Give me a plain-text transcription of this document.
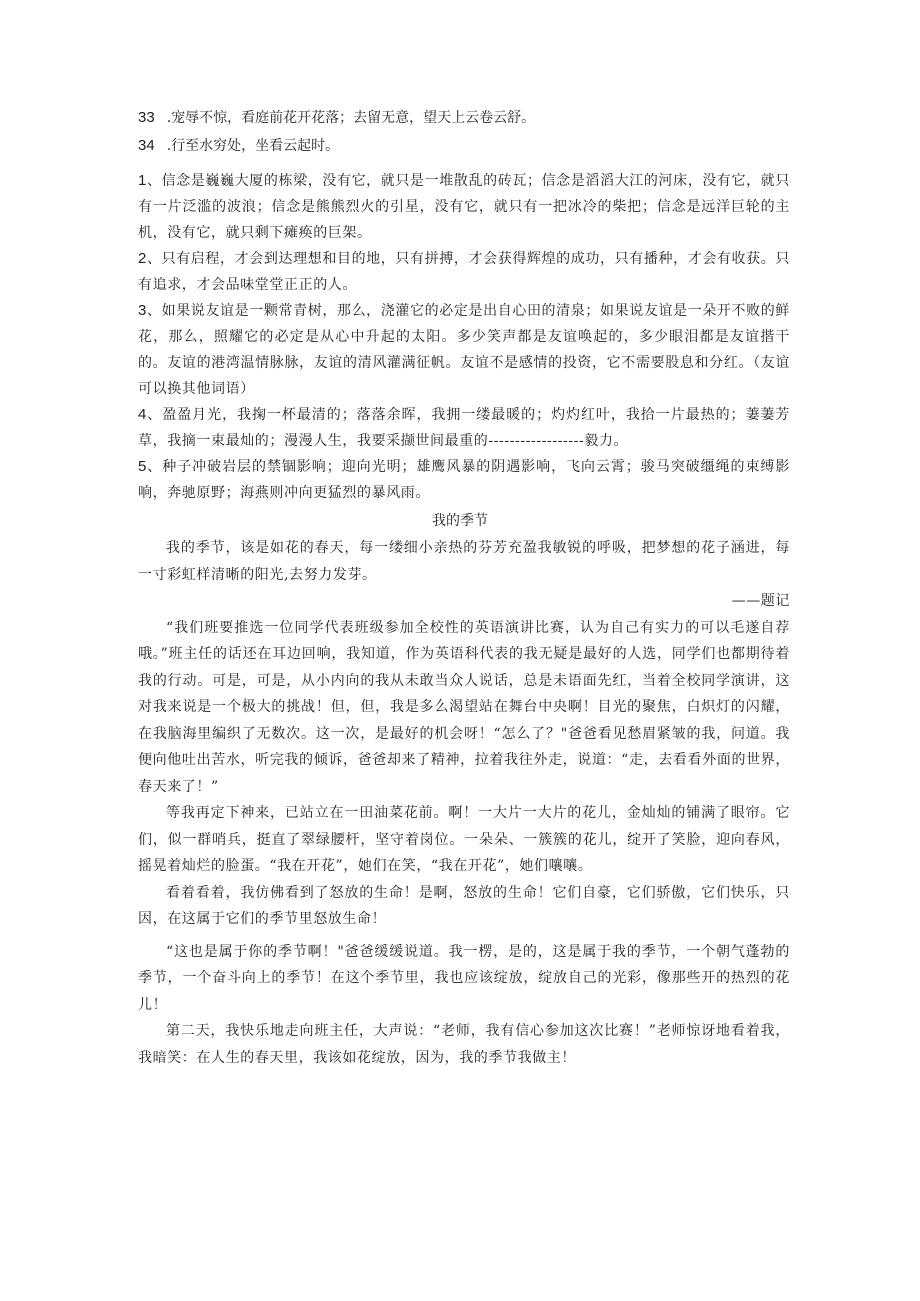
33 .宠辱不惊，看庭前花开花落；去留无意，望天上云卷云舒。
34 .行至水穷处，坐看云起时。

1、信念是巍巍大厦的栋梁，没有它，就只是一堆散乱的砖瓦；信念是滔滔大江的河床，没有它，就只有一片泛滥的波浪；信念是熊熊烈火的引星，没有它，就只有一把冰冷的柴把；信念是远洋巨轮的主机，没有它，就只剩下瘫痪的巨架。

2、只有启程，才会到达理想和目的地，只有拼搏，才会获得辉煌的成功，只有播种，才会有收获。只有追求，才会品味堂堂正正的人。

3、如果说友谊是一颗常青树，那么，浇灌它的必定是出自心田的清泉；如果说友谊是一朵开不败的鲜花，那么，照耀它的必定是从心中升起的太阳。多少笑声都是友谊唤起的，多少眼泪都是友谊揩干的。友谊的港湾温情脉脉，友谊的清风灌满征帆。友谊不是感情的投资，它不需要股息和分红。（友谊可以换其他词语）

4、盈盈月光，我掬一杯最清的；落落余晖，我拥一缕最暖的；灼灼红叶，我拾一片最热的；萋萋芳草，我摘一束最灿的；漫漫人生，我要采撷世间最重的------------------毅力。

5、种子冲破岩层的禁锢影响；迎向光明；雄鹰风暴的阴遇影响，飞向云霄；骏马突破缰绳的束缚影响，奔驰原野；海燕则冲向更猛烈的暴风雨。

我的季节

我的季节，该是如花的春天，每一缕细小亲热的芬芳充盈我敏锐的呼吸，把梦想的花子涵进，每一寸彩虹样清晰的阳光,去努力发芽。

——题记

“我们班要推选一位同学代表班级参加全校性的英语演讲比赛，认为自己有实力的可以毛遂自荐哦。”班主任的话还在耳边回响，我知道，作为英语科代表的我无疑是最好的人选，同学们也都期待着我的行动。可是，可是，从小内向的我从未敢当众人说话，总是未语面先红，当着全校同学演讲，这对我来说是一个极大的挑战！但，但，我是多么渴望站在舞台中央啊！目光的聚焦，白炽灯的闪耀，在我脑海里编织了无数次。这一次，是最好的机会呀！“怎么了？"爸爸看见愁眉紧皱的我，问道。我便向他吐出苦水，听完我的倾诉，爸爸却来了精神，拉着我往外走，说道：“走，去看看外面的世界，春天来了！”

等我再定下神来，已站立在一田油菜花前。啊！一大片一大片的花儿，金灿灿的铺满了眼帘。它们，似一群哨兵，挺直了翠绿腰杆，坚守着岗位。一朵朵、一簇簇的花儿，绽开了笑脸，迎向春风，摇晃着灿烂的脸蛋。“我在开花”，她们在笑，“我在开花”，她们嚷嚷。

看着看着，我仿佛看到了怒放的生命！是啊，怒放的生命！它们自豪，它们骄傲，它们快乐，只因，在这属于它们的季节里怒放生命！

“这也是属于你的季节啊！"爸爸缓缓说道。我一楞，是的，这是属于我的季节，一个朝气蓬勃的季节，一个奋斗向上的季节！在这个季节里，我也应该绽放，绽放自己的光彩，像那些开的热烈的花儿！

第二天，我快乐地走向班主任，大声说：“老师，我有信心参加这次比赛！”老师惊讶地看着我，我暗笑：在人生的春天里，我该如花绽放，因为，我的季节我做主！
